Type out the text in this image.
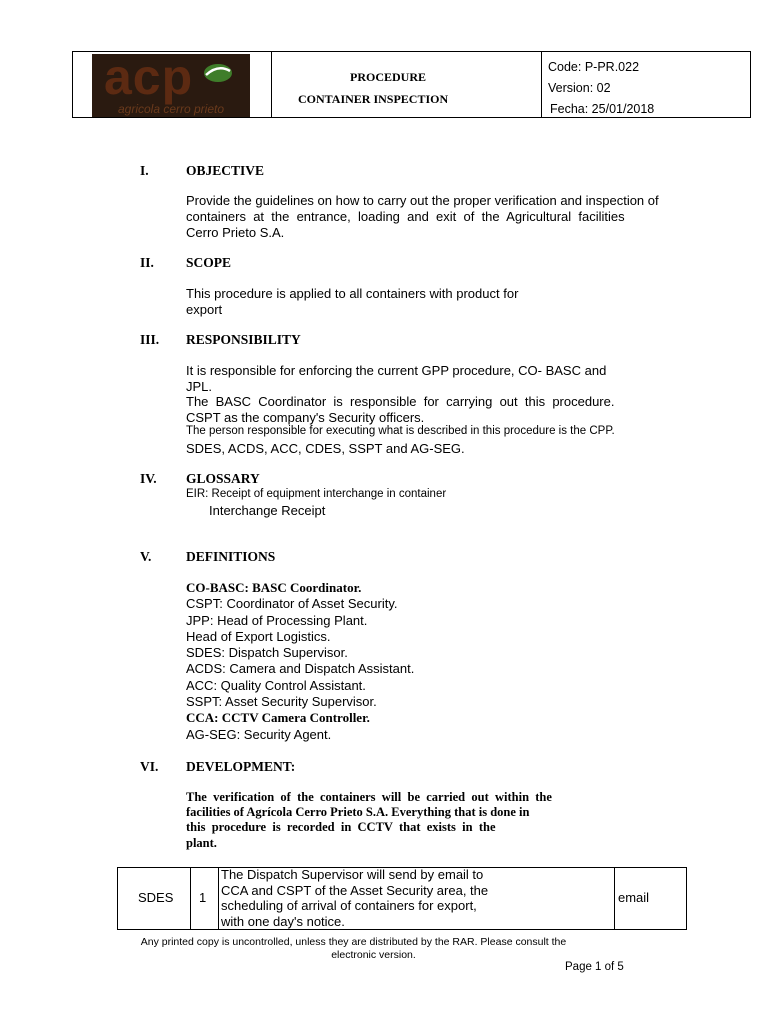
acp
agricola cerro prieto
PROCEDURE
CONTAINER INSPECTION
Code: P-PR.022
Version: 02
Fecha: 25/01/2018
I.	OBJECTIVE
Provide the guidelines on how to carry out the proper verification and inspection of
containers  at  the  entrance,  loading  and  exit  of  the  Agricultural  facilities
Cerro Prieto S.A.
II. SCOPE
This procedure is applied to all containers with product for
export
III. RESPONSIBILITY
It is responsible for enforcing the current GPP procedure, CO- BASC and
JPL.
The  BASC  Coordinator  is  responsible  for  carrying  out  this  procedure.
CSPT as the company's Security officers.
The person responsible for executing what is described in this procedure is the CPP.
SDES, ACDS, ACC, CDES, SSPT and AG-SEG.
IV. GLOSSARY
EIR: Receipt of equipment interchange in container
Interchange Receipt
V.	DEFINITIONS
CO-BASC: BASC Coordinator.
CSPT: Coordinator of Asset Security.
JPP: Head of Processing Plant.
Head of Export Logistics.
SDES: Dispatch Supervisor.
ACDS: Camera and Dispatch Assistant.
ACC: Quality Control Assistant.
SSPT: Asset Security Supervisor.
CCA: CCTV Camera Controller.
AG-SEG: Security Agent.
VI. DEVELOPMENT:
The  verification  of  the  containers  will  be  carried  out  within  the
facilities of Agrícola Cerro Prieto S.A. Everything that is done in
this  procedure  is  recorded  in  CCTV  that  exists  in  the
plant.
SDES 1
The Dispatch Supervisor will send by email to
CCA and CSPT of the Asset Security area, the
scheduling of arrival of containers for export,
with one day's notice.
email
Any printed copy is uncontrolled, unless they are distributed by the RAR. Please consult the
electronic version.
Page 1 of 5
